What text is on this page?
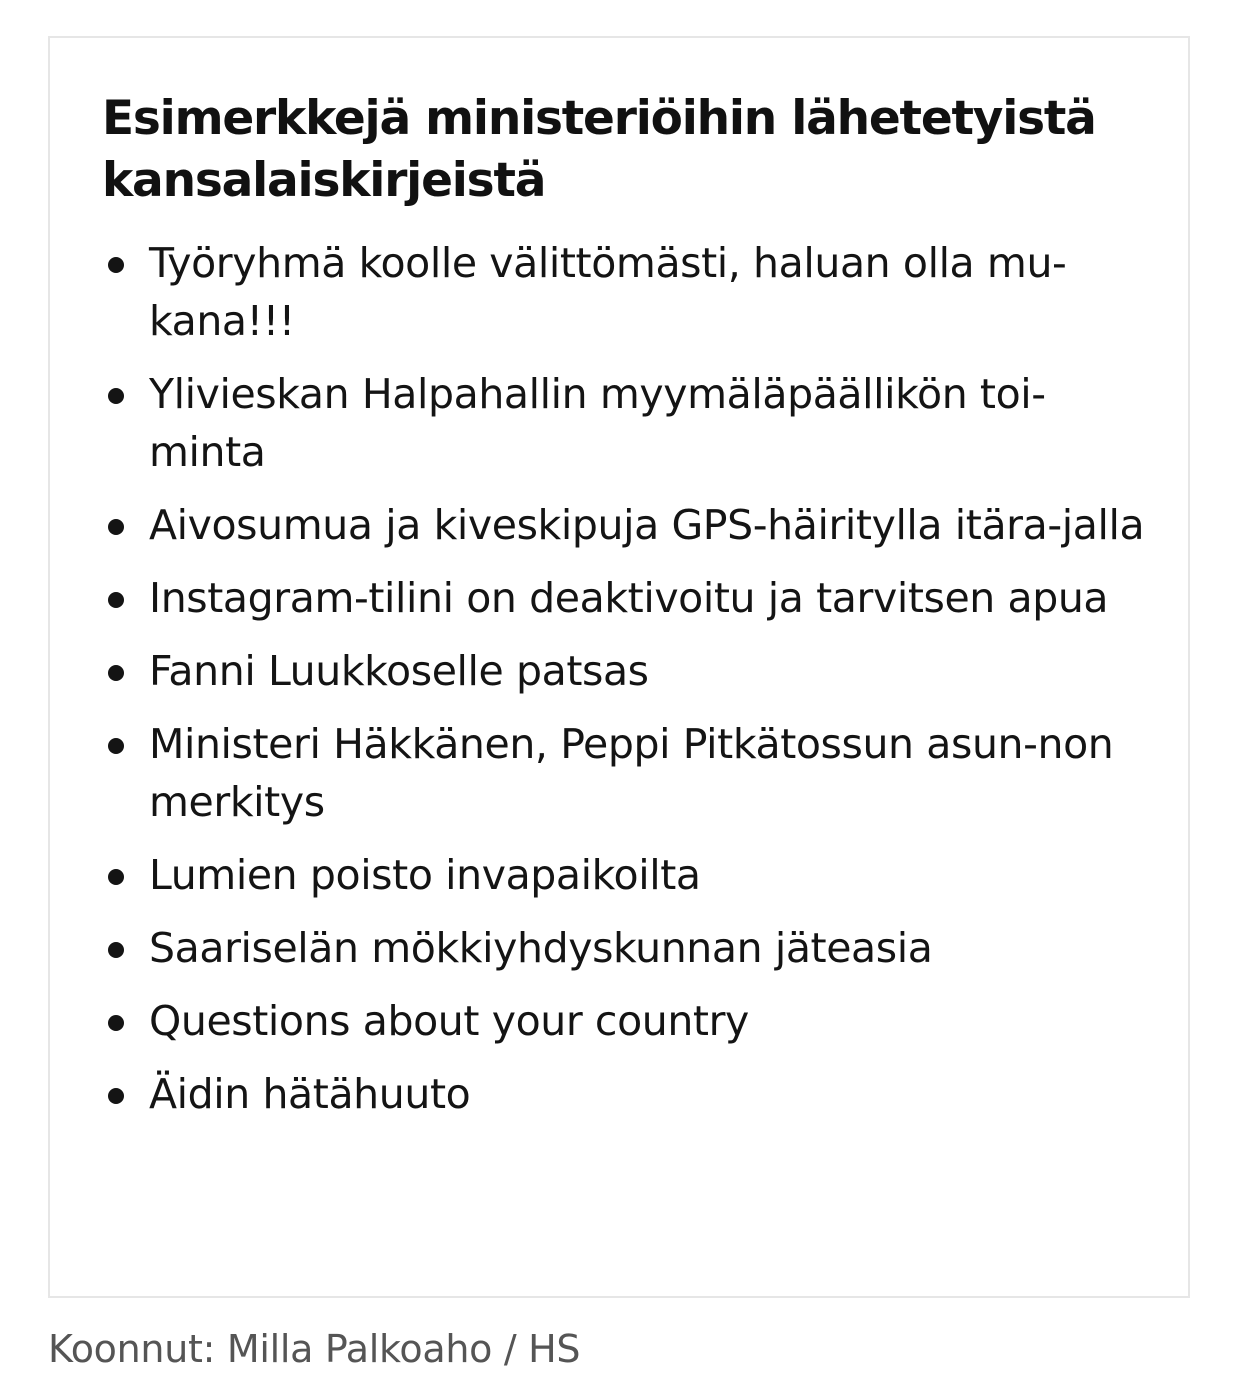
Esimerkkejä ministeriöihin lähetetyistä kansalaiskirjeistä
Työryhmä koolle välittömästi, haluan olla mu-kana!!!
Ylivieskan Halpahallin myymäläpäällikön toi-minta
Aivosumua ja kiveskipuja GPS-häiritylla itära-jalla
Instagram-tilini on deaktivoitu ja tarvitsen apua
Fanni Luukkoselle patsas
Ministeri Häkkänen, Peppi Pitkätossun asun-non merkitys
Lumien poisto invapaikoilta
Saariselän mökkiyhdyskunnan jäteasia
Questions about your country
Äidin hätähuuto

Koonnut: Milla Palkoaho / HS
